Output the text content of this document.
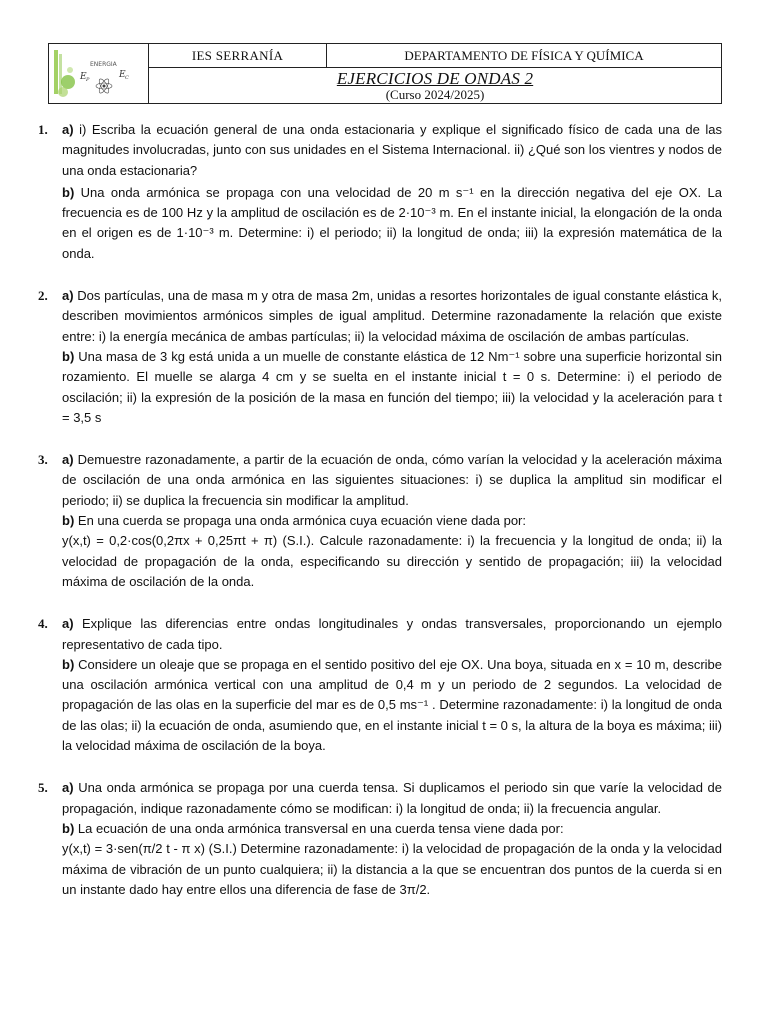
ENERGIA
E P	E C
IES SERRANÍA	DEPARTAMENTO DE FÍSICA Y QUÍMICA
EJERCICIOS DE ONDAS 2
(Curso 2024/2025)
1.	a) i) Escriba la ecuación general de una onda estacionaria y explique el significado físico de cada una de las magnitudes involucradas, junto con sus unidades en el Sistema Internacional. ii) ¿Qué son los vientres y nodos de una onda estacionaria?

b) Una onda armónica se propaga con una velocidad de 20 m s⁻¹ en la dirección negativa del eje OX. La frecuencia es de 100 Hz y la amplitud de oscilación es de 2·10⁻³ m. En el instante inicial, la elongación de la onda en el origen es de 1·10⁻³ m. Determine: i) el periodo; ii) la longitud de onda; iii) la expresión matemática de la onda.

2.	a) Dos partículas, una de masa m y otra de masa 2m, unidas a resortes horizontales de igual constante elástica k, describen movimientos armónicos simples de igual amplitud. Determine razonadamente la relación que existe entre: i) la energía mecánica de ambas partículas; ii) la velocidad máxima de oscilación de ambas partículas.

b) Una masa de 3 kg está unida a un muelle de constante elástica de 12 Nm⁻¹ sobre una superficie horizontal sin rozamiento. El muelle se alarga 4 cm y se suelta en el instante inicial t = 0 s. Determine: i) el periodo de oscilación; ii) la expresión de la posición de la masa en función del tiempo; iii) la velocidad y la aceleración para t = 3,5 s

3.	a) Demuestre razonadamente, a partir de la ecuación de onda, cómo varían la velocidad y la aceleración máxima de oscilación de una onda armónica en las siguientes situaciones: i) se duplica la amplitud sin modificar el periodo; ii) se duplica la frecuencia sin modificar la amplitud.

b) En una cuerda se propaga una onda armónica cuya ecuación viene dada por:

y(x,t) = 0,2·cos(0,2πx + 0,25πt + π) (S.I.). Calcule razonadamente: i) la frecuencia y la longitud de onda; ii) la velocidad de propagación de la onda, especificando su dirección y sentido de propagación; iii) la velocidad máxima de oscilación de la onda.

4.	a) Explique las diferencias entre ondas longitudinales y ondas transversales, proporcionando un ejemplo representativo de cada tipo.

b) Considere un oleaje que se propaga en el sentido positivo del eje OX. Una boya, situada en x = 10 m, describe una oscilación armónica vertical con una amplitud de 0,4 m y un periodo de 2 segundos. La velocidad de propagación de las olas en la superficie del mar es de 0,5 ms⁻¹ . Determine razonadamente: i) la longitud de onda de las olas; ii) la ecuación de onda, asumiendo que, en el instante inicial t = 0 s, la altura de la boya es máxima; iii) la velocidad máxima de oscilación de la boya.

5.	a) Una onda armónica se propaga por una cuerda tensa. Si duplicamos el periodo sin que varíe la velocidad de propagación, indique razonadamente cómo se modifican: i) la longitud de onda; ii) la frecuencia angular.

b) La ecuación de una onda armónica transversal en una cuerda tensa viene dada por:

y(x,t) = 3·sen(π/2 t - π x) (S.I.) Determine razonadamente: i) la velocidad de propagación de la onda y la velocidad máxima de vibración de un punto cualquiera; ii) la distancia a la que se encuentran dos puntos de la cuerda si en un instante dado hay entre ellos una diferencia de fase de 3π/2.
